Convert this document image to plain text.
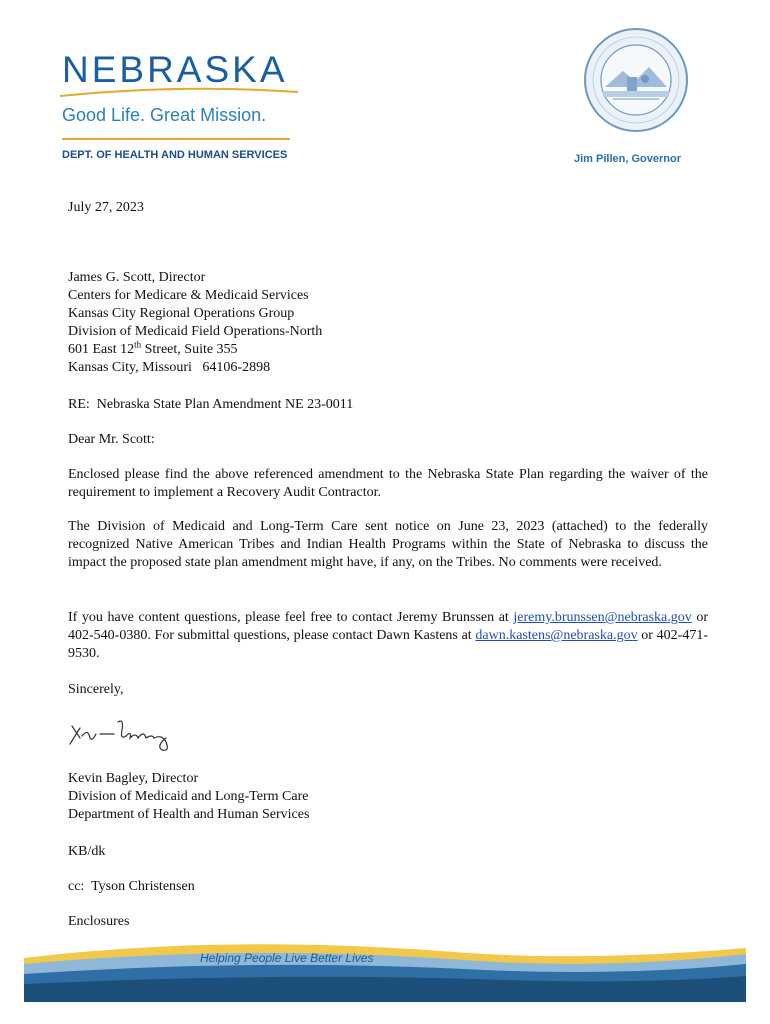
NEBRASKA
Good Life. Great Mission.
DEPT. OF HEALTH AND HUMAN SERVICES	Jim Pillen, Governor
July 27, 2023
James G. Scott, Director
Centers for Medicare & Medicaid Services
Kansas City Regional Operations Group
Division of Medicaid Field Operations-North
601 East 12th Street, Suite 355
Kansas City, Missouri   64106-2898
RE:  Nebraska State Plan Amendment NE 23-0011
Dear Mr. Scott:
Enclosed please find the above referenced amendment to the Nebraska State Plan regarding the waiver of the requirement to implement a Recovery Audit Contractor.
The Division of Medicaid and Long-Term Care sent notice on June 23, 2023 (attached) to the federally recognized Native American Tribes and Indian Health Programs within the State of Nebraska to discuss the impact the proposed state plan amendment might have, if any, on the Tribes. No comments were received.
If you have content questions, please feel free to contact Jeremy Brunssen at jeremy.brunssen@nebraska.gov or 402-540-0380. For submittal questions, please contact Dawn Kastens at dawn.kastens@nebraska.gov or 402-471-9530.
Sincerely,
Kevin Bagley, Director
Division of Medicaid and Long-Term Care
Department of Health and Human Services
KB/dk
cc:  Tyson Christensen
Enclosures
Helping People Live Better Lives
